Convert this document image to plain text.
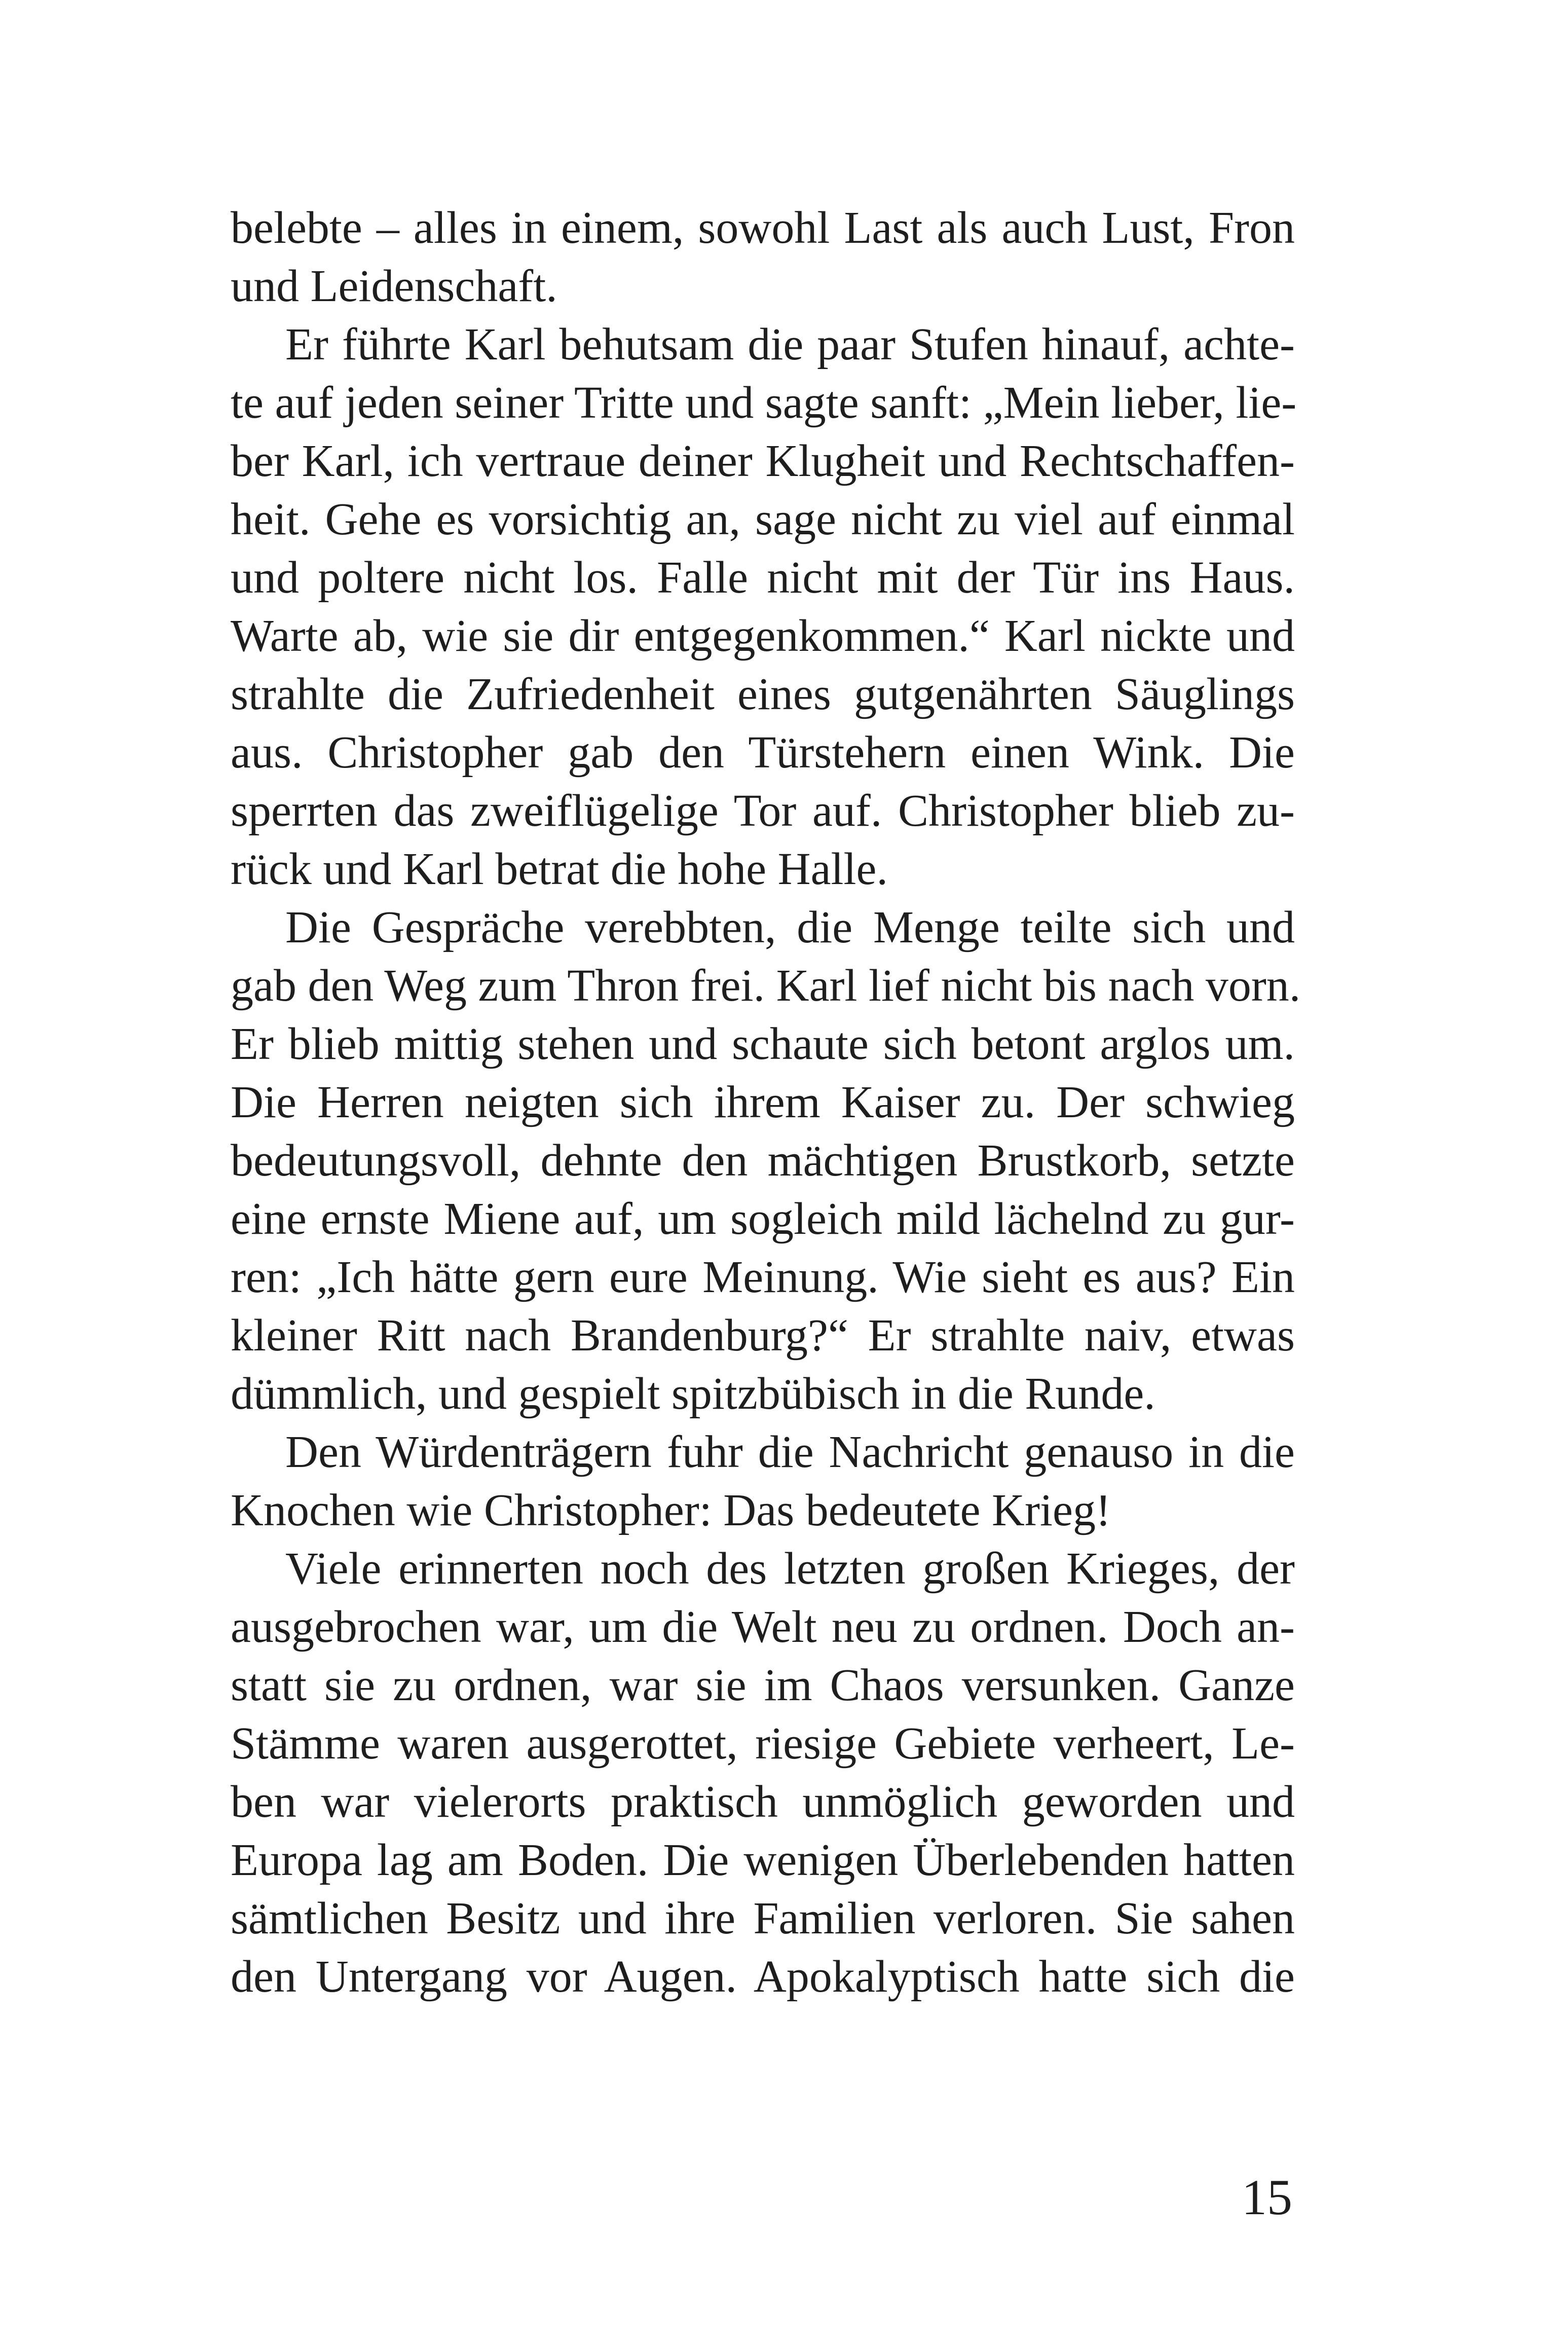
belebte – alles in einem, sowohl Last als auch Lust, Fron
und Leidenschaft.
Er führte Karl behutsam die paar Stufen hinauf, achte-
te auf jeden seiner Tritte und sagte sanft: „Mein lieber, lie-
ber Karl, ich vertraue deiner Klugheit und Rechtschaffen-
heit. Gehe es vorsichtig an, sage nicht zu viel auf einmal
und poltere nicht los. Falle nicht mit der Tür ins Haus.
Warte ab, wie sie dir entgegenkommen.“ Karl nickte und
strahlte die Zufriedenheit eines gutgenährten Säuglings
aus. Christopher gab den Türstehern einen Wink. Die
sperrten das zweiflügelige Tor auf. Christopher blieb zu-
rück und Karl betrat die hohe Halle.
Die Gespräche verebbten, die Menge teilte sich und
gab den Weg zum Thron frei. Karl lief nicht bis nach vorn.
Er blieb mittig stehen und schaute sich betont arglos um.
Die Herren neigten sich ihrem Kaiser zu. Der schwieg
bedeutungsvoll, dehnte den mächtigen Brustkorb, setzte
eine ernste Miene auf, um sogleich mild lächelnd zu gur-
ren: „Ich hätte gern eure Meinung. Wie sieht es aus? Ein
kleiner Ritt nach Brandenburg?“ Er strahlte naiv, etwas
dümmlich, und gespielt spitzbübisch in die Runde.
Den Würdenträgern fuhr die Nachricht genauso in die
Knochen wie Christopher: Das bedeutete Krieg!
Viele erinnerten noch des letzten großen Krieges, der
ausgebrochen war, um die Welt neu zu ordnen. Doch an-
statt sie zu ordnen, war sie im Chaos versunken. Ganze
Stämme waren ausgerottet, riesige Gebiete verheert, Le-
ben war vielerorts praktisch unmöglich geworden und
Europa lag am Boden. Die wenigen Überlebenden hatten
sämtlichen Besitz und ihre Familien verloren. Sie sahen
den Untergang vor Augen. Apokalyptisch hatte sich die
15
